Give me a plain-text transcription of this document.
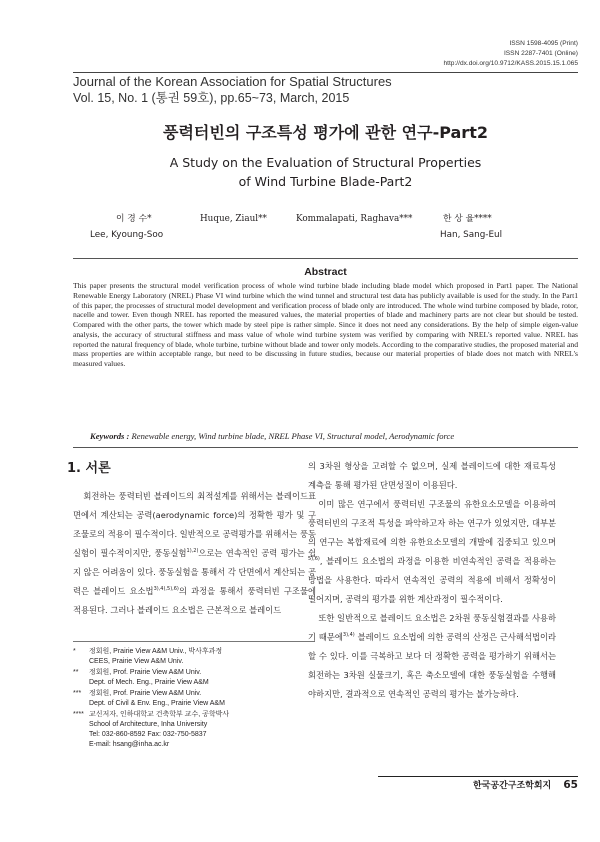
ISSN 1598-4095 (Print)
ISSN 2287-7401 (Online)
http://dx.doi.org/10.9712/KASS.2015.15.1.065
Journal of the Korean Association for Spatial Structures
Vol. 15, No. 1 (통권 59호), pp.65~73, March, 2015
풍력터빈의 구조특성 평가에 관한 연구-Part2
A Study on the Evaluation of Structural Properties
of Wind Turbine Blade-Part2
이 경 수*
Lee, Kyoung-Soo
Huque, Ziaul**	Kommalapati, Raghava***	한 상 율****
Han, Sang-Eul
Abstract
This paper presents the structural model verification process of whole wind turbine blade including blade model which proposed in Part1 paper. The National Renewable Energy Laboratory (NREL) Phase VI wind turbine which the wind tunnel and structural test data has publicly available is used for the study. In the Part1 of this paper, the processes of structural model development and verification process of blade only are introduced. The whole wind turbine composed by blade, rotor, nacelle and tower. Even though NREL has reported the measured values, the material properties of blade and machinery parts are not clear but should be tested. Compared with the other parts, the tower which made by steel pipe is rather simple. Since it does not need any considerations. By the help of simple eigen-value analysis, the accuracy of structural stiffness and mass value of whole wind turbine system was verified by comparing with NREL's reported value. NREL has reported the natural frequency of blade, whole turbine, turbine without blade and tower only models. According to the comparative studies, the proposed material and mass properties are within acceptable range, but need to be discussing in future studies, because our material properties of blade does not match with NREL's measured values.
Keywords : Renewable energy, Wind turbine blade, NREL Phase VI, Structural model, Aerodynamic force
1. 서론

회전하는 풍력터빈 블레이드의 최적설계를 위해서는 블레이드표면에서 계산되는 공력(aerodynamic force)의 정확한 평가 및 구조물로의 적용이 필수적이다. 일반적으로 공력평가를 위해서는 풍동실험이 필수적이지만, 풍동실험$^{1),2)}$으로는 연속적인 공력 평가는 쉽지 않은 어려움이 있다. 풍동실험을 통해서 각 단면에서 계산되는 공력은 블레이드 요소법$^{3),4),5),6)}$의 과정을 통해서 풍력터빈 구조물에 적용된다. 그러나 블레이드 요소법은 근본적으로 블레이드

*	정회원, Prairie View A&M Univ., 박사후과정
CEES, Prairie View A&M Univ.
**	정회원, Prof. Prairie View A&M Univ.
Dept. of Mech. Eng., Prairie View A&M
***	정회원, Prof. Prairie View A&M Univ.
Dept. of Civil & Env. Eng., Prairie View A&M
**** 교신저자, 인하대학교 건축학부 교수, 공학박사
School of Architecture, Inha University
Tel: 032-860-8592 Fax: 032-750-5837
E-mail: hsang@inha.ac.kr

의 3차원 형상을 고려할 수 없으며, 실제 블레이드에 대한 재료특성 계측을 통해 평가된 단면성질이 이용된다.

이미 많은 연구에서 풍력터빈 구조물의 유한요소모델을 이용하여 풍력터빈의 구조적 특성을 파악하고자 하는 연구가 있었지만, 대부분의 연구는 복합재료에 의한 유한요소모델의 개발에 집중되고 있으며$^{5),6)}$, 블레이드 요소법의 과정을 이용한 비연속적인 공력을 적용하는 방법을 사용한다. 따라서 연속적인 공력의 적용에 비해서 정확성이 떨어지며, 공력의 평가를 위한 계산과정이 필수적이다.

또한 일반적으로 블레이드 요소법은 2차원 풍동실험결과를 사용하기 때문에$^{3),4)}$ 블레이드 요소법에 의한 공력의 산정은 근사해석법이라 할 수 있다. 이를 극복하고 보다 더 정확한 공력을 평가하기 위해서는 회전하는 3차원 실물크기, 혹은 축소모델에 대한 풍동실험을 수행해야하지만, 결과적으로 연속적인 공력의 평가는 불가능하다.

한국공간구조학회지   65
